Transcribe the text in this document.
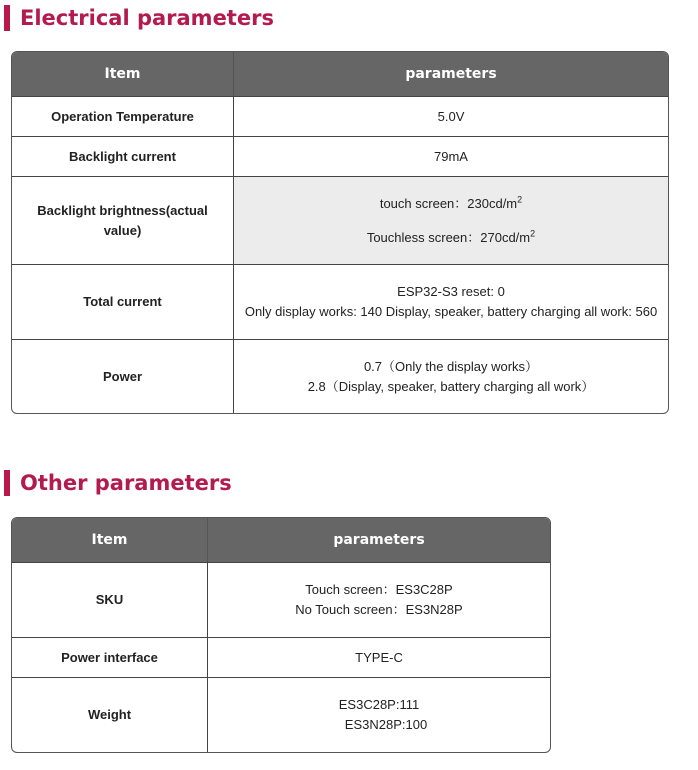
Electrical parameters
Item	parameters
Operation Temperature	5.0V

Backlight current	79mA

Backlight brightness(actual value)	touch screen：$230cd/m^2$
Touchless screen：$270cd/m^2$

Total current	ESP32-S3 reset: 0
Only display works: 140 Display, speaker, battery charging all work: 560

Power	0.7（Only the display works）
2.8（Display, speaker, battery charging all work）
Other parameters
Item	parameters
SKU	Touch screen：ES3C28P
No Touch screen：ES3N28P

Power interface	TYPE-C

Weight	ES3C28P:111
ES3N28P:100
